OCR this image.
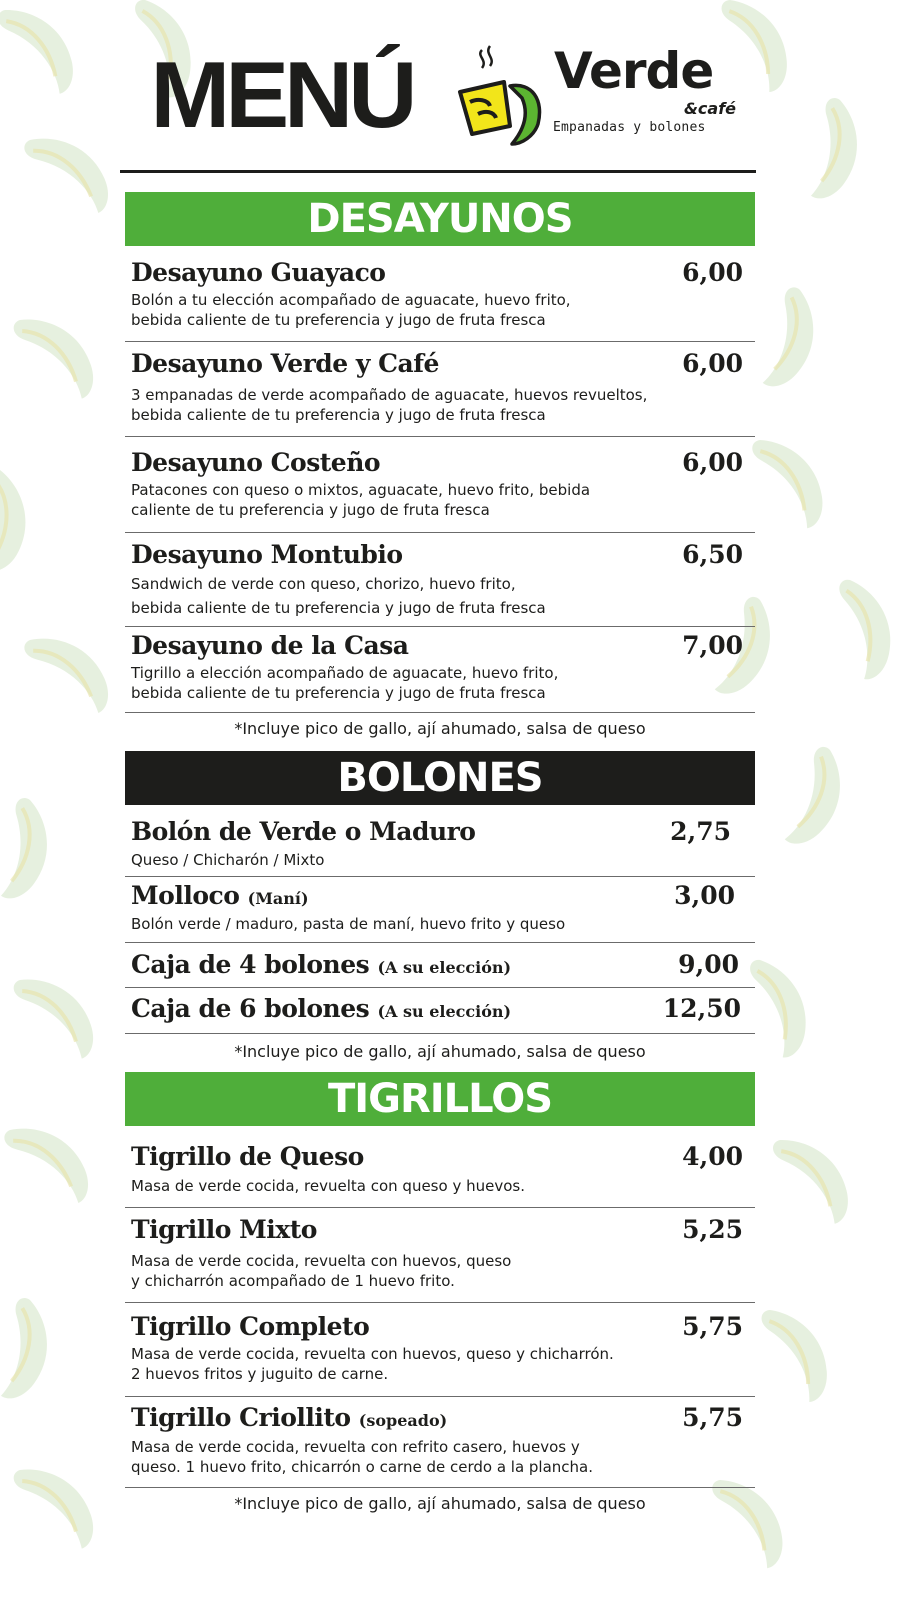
MENÚ	Verde
&café
Empanadas y bolones
DESAYUNOS
Desayuno Guayaco	6,00
Bolón a tu elección acompañado de aguacate, huevo frito,
bebida caliente de tu preferencia y jugo de fruta fresca
Desayuno Verde y Café	6,00
3 empanadas de verde acompañado de aguacate, huevos revueltos,
bebida caliente de tu preferencia y jugo de fruta fresca
Desayuno Costeño	6,00
Patacones con queso o mixtos, aguacate, huevo frito, bebida
caliente de tu preferencia y jugo de fruta fresca
Desayuno Montubio	6,50
Sandwich de verde con queso, chorizo, huevo frito,
bebida caliente de tu preferencia y jugo de fruta fresca
Desayuno de la Casa	7,00
Tigrillo a elección acompañado de aguacate, huevo frito,
bebida caliente de tu preferencia y jugo de fruta fresca
*Incluye pico de gallo, ají ahumado, salsa de queso
BOLONES
Bolón de Verde o Maduro	2,75
Queso / Chicharón / Mixto
Molloco (Maní)	3,00
Bolón verde / maduro, pasta de maní, huevo frito y queso
Caja de 4 bolones (A su elección)	9,00
Caja de 6 bolones (A su elección)	12,50
*Incluye pico de gallo, ají ahumado, salsa de queso
TIGRILLOS
Tigrillo de Queso	4,00
Masa de verde cocida, revuelta con queso y huevos.
Tigrillo Mixto	5,25
Masa de verde cocida, revuelta con huevos, queso
y chicharrón acompañado de 1 huevo frito.
Tigrillo Completo	5,75
Masa de verde cocida, revuelta con huevos, queso y chicharrón.
2 huevos fritos y juguito de carne.
Tigrillo Criollito (sopeado)	5,75
Masa de verde cocida, revuelta con refrito casero, huevos y
queso. 1 huevo frito, chicarrón o carne de cerdo a la plancha.
*Incluye pico de gallo, ají ahumado, salsa de queso
